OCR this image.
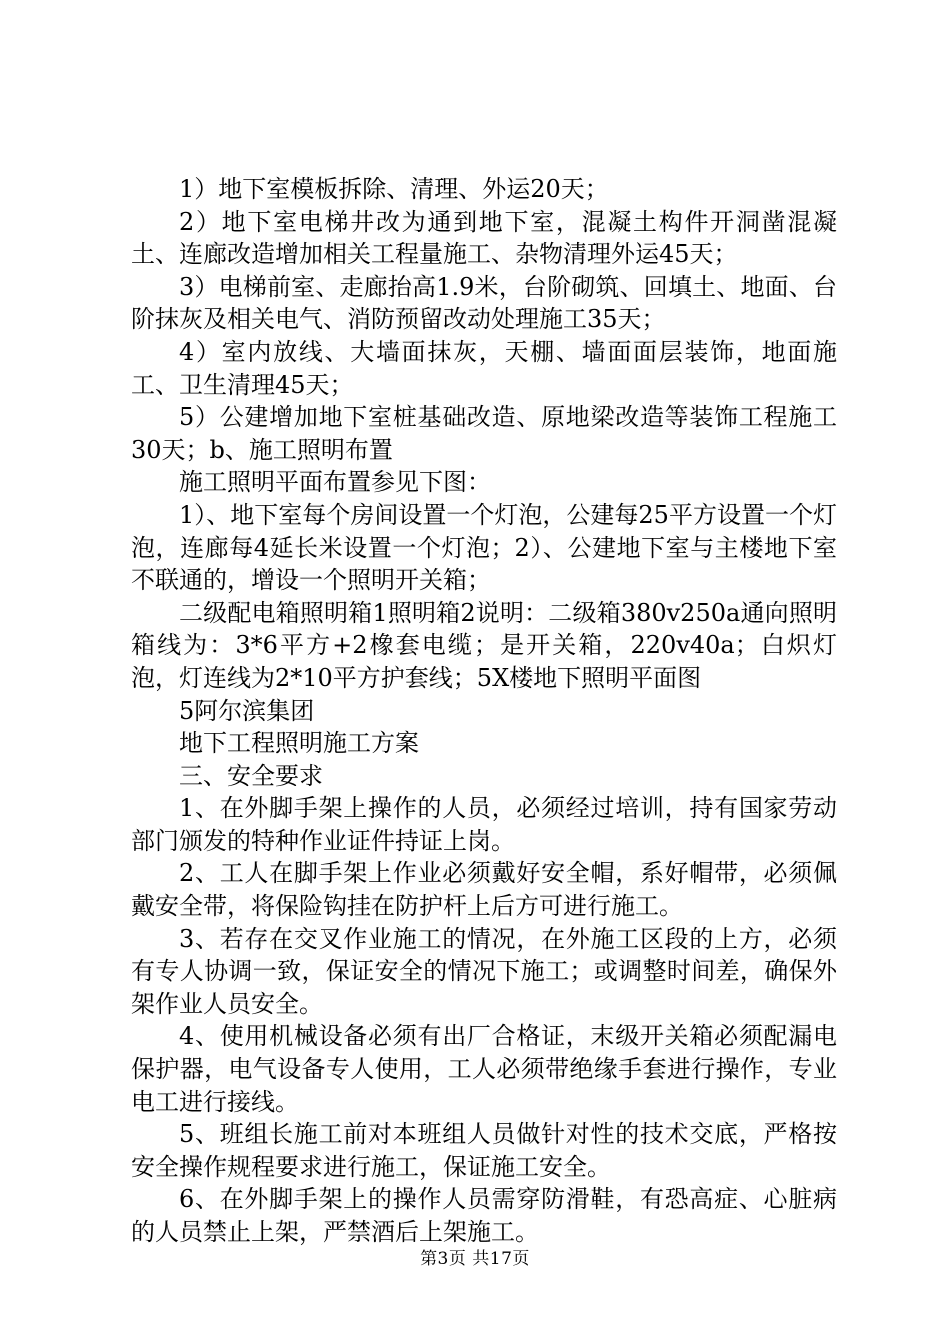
1）地下室模板拆除、清理、外运20天；

2）地下室电梯井改为通到地下室，混凝土构件开洞凿混凝土、连廊改造增加相关工程量施工、杂物清理外运45天；

3）电梯前室、走廊抬高1.9米，台阶砌筑、回填土、地面、台阶抹灰及相关电气、消防预留改动处理施工35天；

4）室内放线、大墙面抹灰，天棚、墙面面层装饰，地面施工、卫生清理45天；

5）公建增加地下室桩基础改造、原地梁改造等装饰工程施工30天；b、施工照明布置

施工照明平面布置参见下图：

1）、地下室每个房间设置一个灯泡，公建每25平方设置一个灯泡，连廊每4延长米设置一个灯泡；2）、公建地下室与主楼地下室不联通的，增设一个照明开关箱；

二级配电箱照明箱1照明箱2说明：二级箱380v250a通向照明箱线为：3*6平方+2橡套电缆；是开关箱，220v40a；白炽灯泡，灯连线为2*10平方护套线；5X楼地下照明平面图

5阿尔滨集团

地下工程照明施工方案

三、安全要求

1、在外脚手架上操作的人员，必须经过培训，持有国家劳动部门颁发的特种作业证件持证上岗。

2、工人在脚手架上作业必须戴好安全帽，系好帽带，必须佩戴安全带，将保险钩挂在防护杆上后方可进行施工。

3、若存在交叉作业施工的情况，在外施工区段的上方，必须有专人协调一致，保证安全的情况下施工；或调整时间差，确保外架作业人员安全。

4、使用机械设备必须有出厂合格证，末级开关箱必须配漏电保护器，电气设备专人使用，工人必须带绝缘手套进行操作，专业电工进行接线。

5、班组长施工前对本班组人员做针对性的技术交底，严格按安全操作规程要求进行施工，保证施工安全。

6、在外脚手架上的操作人员需穿防滑鞋，有恐高症、心脏病的人员禁止上架，严禁酒后上架施工。

第3页 共17页
